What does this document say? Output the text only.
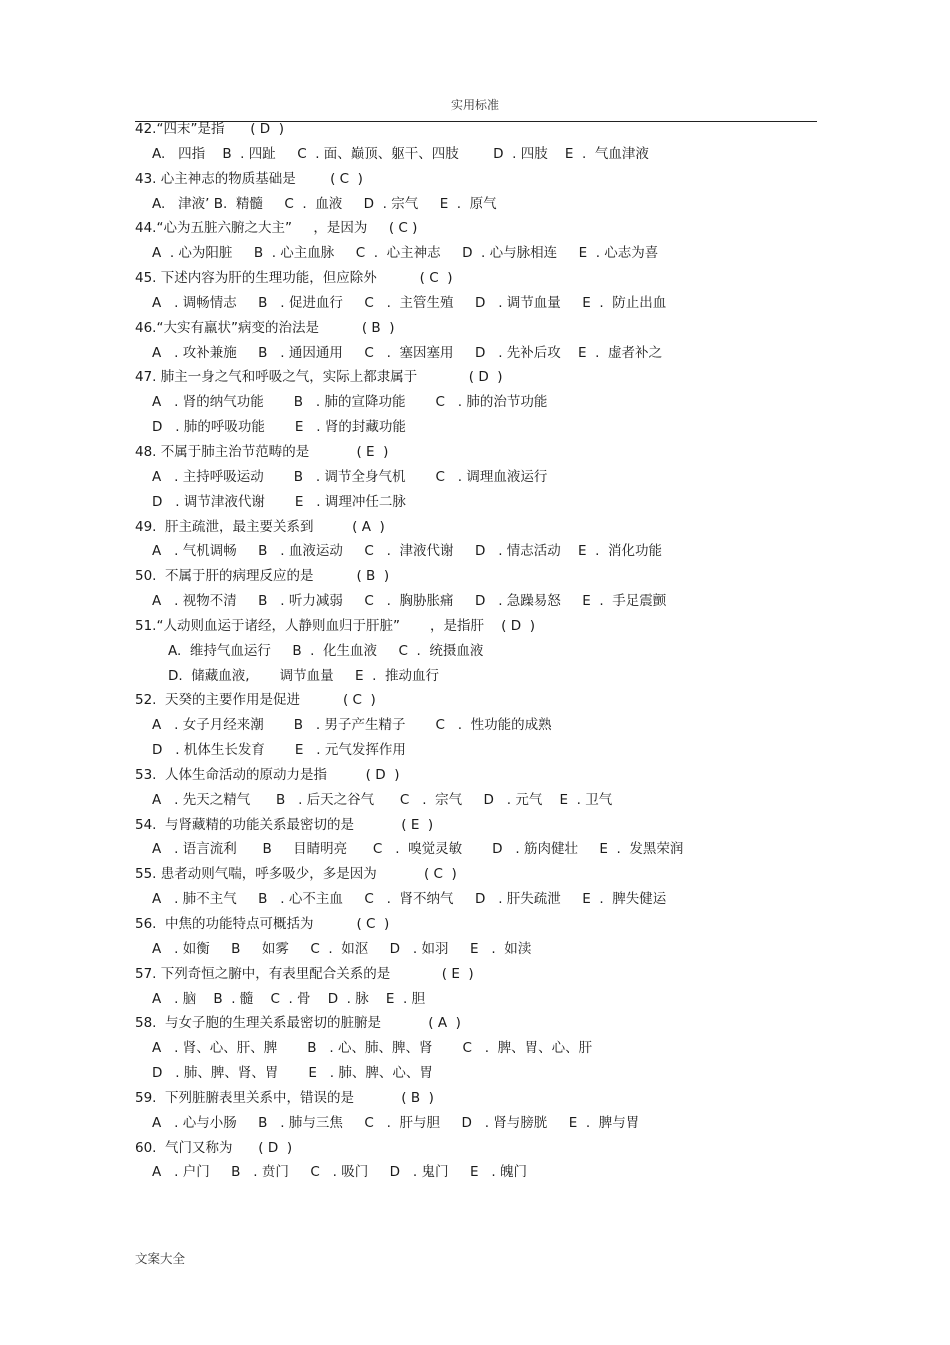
实用标准
42.“四末”是指      ( D  )
A.   四指    B  . 四趾     C  . 面、巅顶、躯干、四肢        D  . 四肢    E  .  气血津液
43. 心主神志的物质基础是        ( C  )
A.   津液’ B.  精髓     C  .  血液     D  . 宗气     E  .  原气
44.“心为五脏六腑之大主”     ，是因为     ( C )
A  . 心为阳脏     B  . 心主血脉     C  .  心主神志     D  . 心与脉相连     E  . 心志为喜
45. 下述内容为肝的生理功能，但应除外          ( C  )
A   . 调畅情志     B   . 促进血行     C   .  主管生殖     D   . 调节血量     E  .  防止出血
46.“大实有羸状”病变的治法是          ( B  )
A   . 攻补兼施     B   . 通因通用     C   .  塞因塞用     D   . 先补后攻    E  .  虚者补之
47. 肺主一身之气和呼吸之气，实际上都隶属于            ( D  )
A   . 肾的纳气功能       B   . 肺的宣降功能       C   . 肺的治节功能
D   . 肺的呼吸功能       E   . 肾的封藏功能
48. 不属于肺主治节范畴的是           ( E  )
A   . 主持呼吸运动       B   . 调节全身气机       C   . 调理血液运行
D   . 调节津液代谢       E   . 调理冲任二脉
49.  肝主疏泄，最主要关系到         ( A  )
A   . 气机调畅     B   . 血液运动     C   .  津液代谢     D   . 情志活动    E  .  消化功能
50.  不属于肝的病理反应的是          ( B  )
A   . 视物不清     B   . 听力减弱     C   .  胸胁胀痛     D   . 急躁易怒     E  .  手足震颤
51.“人动则血运于诸经，人静则血归于肝脏”       ，是指肝    ( D  )
A.  维持气血运行     B  .  化生血液     C  .  统摄血液
D.  储藏血液,       调节血量     E  .  推动血行
52.  天癸的主要作用是促进          ( C  )
A   . 女子月经来潮       B   . 男子产生精子       C   .  性功能的成熟
D   . 机体生长发育       E   . 元气发挥作用
53.  人体生命活动的原动力是指         ( D  )
A   . 先天之精气      B   . 后天之谷气      C   .  宗气     D   . 元气    E  . 卫气
54.  与肾藏精的功能关系最密切的是           ( E  )
A   . 语言流利      B     目睛明亮      C   .  嗅觉灵敏       D   . 筋肉健壮     E  .  发黑荣润
55. 患者动则气喘，呼多吸少，多是因为           ( C  )
A   . 肺不主气     B   . 心不主血     C   .  肾不纳气     D   . 肝失疏泄     E  .  脾失健运
56.  中焦的功能特点可概括为          ( C  )
A   . 如衡     B     如雾     C  .  如沤     D   . 如羽     E   .  如渎
57. 下列奇恒之腑中，有表里配合关系的是            ( E  )
A   . 脑    B  . 髓    C  . 骨    D  . 脉    E  . 胆
58.  与女子胞的生理关系最密切的脏腑是           ( A  )
A   . 肾、心、肝、脾       B   . 心、肺、脾、肾       C   .  脾、胃、心、肝
D   . 肺、脾、肾、胃       E   . 肺、脾、心、胃
59.  下列脏腑表里关系中，错误的是           ( B  )
A   . 心与小肠     B   . 肺与三焦     C   .  肝与胆     D   . 肾与膀胱     E  .  脾与胃
60.  气门又称为      ( D  )
A   . 户门     B   . 贲门     C   . 吸门     D   . 鬼门     E   . 魄门
文案大全
